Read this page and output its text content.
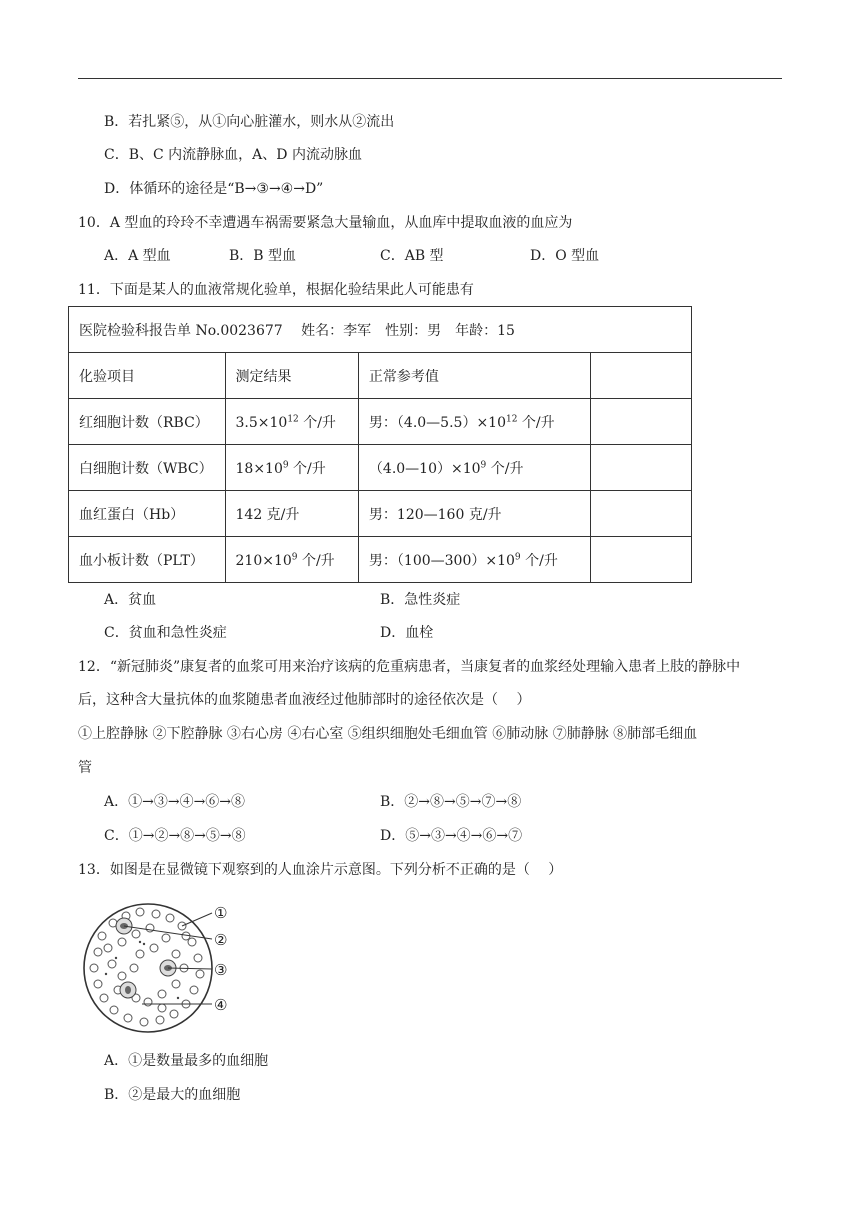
B．若扎紧⑤，从①向心脏灌水，则水从②流出
C．B、C 内流静脉血，A、D 内流动脉血
D．体循环的途径是“B→③→④→D”
10．A 型血的玲玲不幸遭遇车祸需要紧急大量输血，从血库中提取血液的血应为
A．A 型血	B．B 型血	C．AB 型	D．O 型血
11．下面是某人的血液常规化验单，根据化验结果此人可能患有
医院检验科报告单 No.0023677　 姓名：李军　性别：男　年龄：15			
化验项目	测定结果	正常参考值	
红细胞计数（RBC）	$3.5\times 10^{12}$ 个/升	男：$(4.0—5.5)\times 10^{12}$ 个/升	
白细胞计数（WBC）	$18\times 10^9$ 个/升	$(4.0—10)\times 10^9$ 个/升	
血红蛋白（Hb）	142 克/升	男：120—160 克/升	
血小板计数（PLT）	$210\times 10^9$ 个/升	男：$(100—300)\times 10^9$ 个/升	
A．贫血	B．急性炎症
C．贫血和急性炎症	D．血栓
12．“新冠肺炎”康复者的血浆可用来治疗该病的危重病患者，当康复者的血浆经处理输入患者上肢的静脉中
后，这种含大量抗体的血浆随患者血液经过他肺部时的途径依次是（　 ）
①上腔静脉 ②下腔静脉 ③右心房 ④右心室 ⑤组织细胞处毛细血管 ⑥肺动脉 ⑦肺静脉 ⑧肺部毛细血
管
A．①→③→④→⑥→⑧	B．②→⑧→⑤→⑦→⑧
C．①→②→⑧→⑤→⑧	D．⑤→③→④→⑥→⑦
13．如图是在显微镜下观察到的人血涂片示意图。下列分析不正确的是（　 ）
①
②
③
④
A．①是数量最多的血细胞
B．②是最大的血细胞
